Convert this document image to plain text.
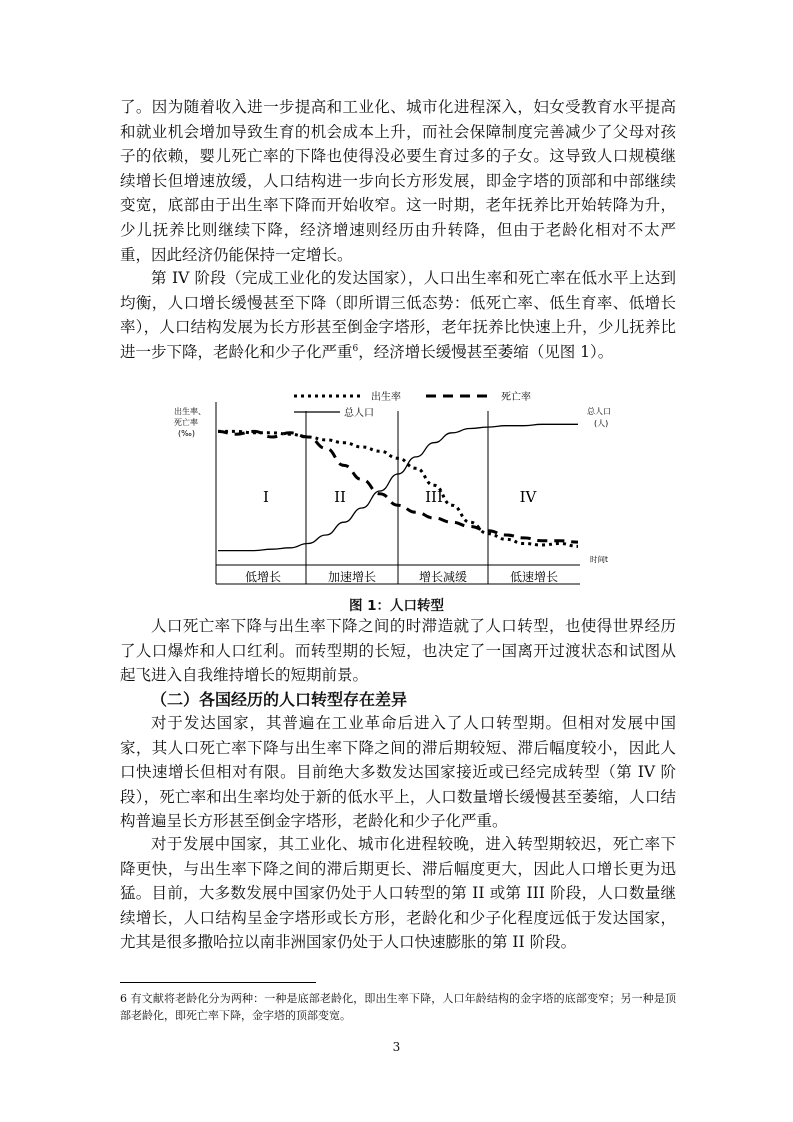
了。因为随着收入进一步提高和工业化、城市化进程深入，妇女受教育水平提高和就业机会增加导致生育的机会成本上升，而社会保障制度完善减少了父母对孩子的依赖，婴儿死亡率的下降也使得没必要生育过多的子女。这导致人口规模继续增长但增速放缓，人口结构进一步向长方形发展，即金字塔的顶部和中部继续变宽，底部由于出生率下降而开始收窄。这一时期，老年抚养比开始转降为升，少儿抚养比则继续下降，经济增速则经历由升转降，但由于老龄化相对不太严重，因此经济仍能保持一定增长。

第 IV 阶段（完成工业化的发达国家），人口出生率和死亡率在低水平上达到均衡，人口增长缓慢甚至下降（即所谓三低态势：低死亡率、低生育率、低增长率），人口结构发展为长方形甚至倒金字塔形，老年抚养比快速上升，少儿抚养比进一步下降，老龄化和少子化严重$^6$，经济增长缓慢甚至萎缩（见图 1）。

出生率	死亡率
总人口
出生率、
死亡率
(‰)
总人口
(人)
时间t
I	II	III	IV
低增长	加速增长	增长减缓	低速增长
图 1：人口转型

人口死亡率下降与出生率下降之间的时滞造就了人口转型，也使得世界经历了人口爆炸和人口红利。而转型期的长短，也决定了一国离开过渡状态和试图从起飞进入自我维持增长的短期前景。

（二）各国经历的人口转型存在差异

对于发达国家，其普遍在工业革命后进入了人口转型期。但相对发展中国家，其人口死亡率下降与出生率下降之间的滞后期较短、滞后幅度较小，因此人口快速增长但相对有限。目前绝大多数发达国家接近或已经完成转型（第 IV 阶段），死亡率和出生率均处于新的低水平上，人口数量增长缓慢甚至萎缩，人口结构普遍呈长方形甚至倒金字塔形，老龄化和少子化严重。

对于发展中国家，其工业化、城市化进程较晚，进入转型期较迟，死亡率下降更快，与出生率下降之间的滞后期更长、滞后幅度更大，因此人口增长更为迅猛。目前，大多数发展中国家仍处于人口转型的第 II 或第 III 阶段，人口数量继续增长，人口结构呈金字塔形或长方形，老龄化和少子化程度远低于发达国家，尤其是很多撒哈拉以南非洲国家仍处于人口快速膨胀的第 II 阶段。

6 有文献将老龄化分为两种：一种是底部老龄化，即出生率下降，人口年龄结构的金字塔的底部变窄；另一种是顶部老龄化，即死亡率下降，金字塔的顶部变宽。

3
